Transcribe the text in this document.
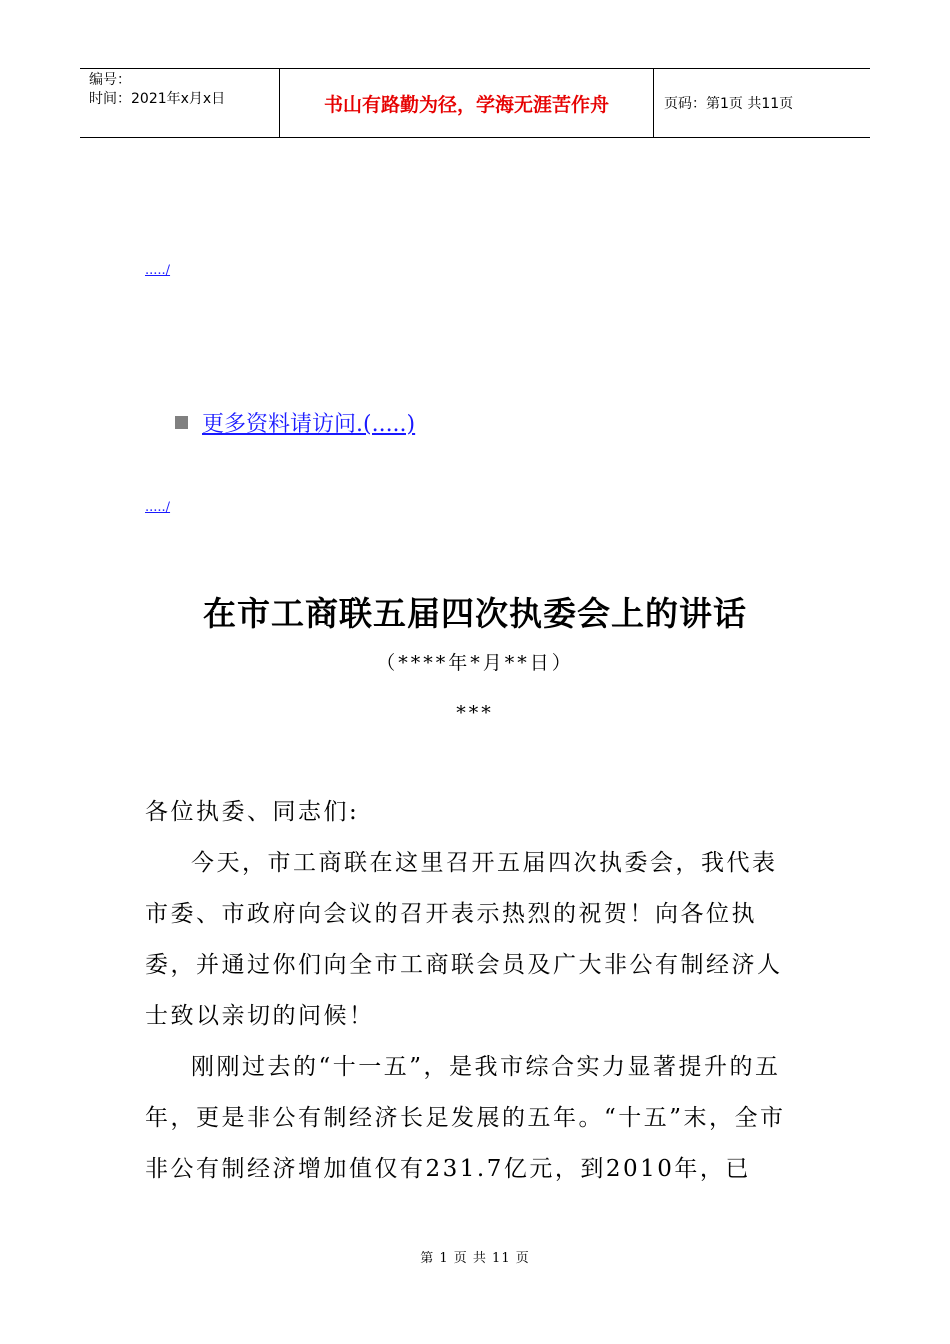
编号：
时间：2021年x月x日	书山有路勤为径，学海无涯苦作舟	页码：第1页 共11页
...../
更多资料请访问.(.....)
...../
在市工商联五届四次执委会上的讲话
（****年*月**日）
***

各位执委、同志们:

今天，市工商联在这里召开五届四次执委会，我代表市委、市政府向会议的召开表示热烈的祝贺！向各位执委，并通过你们向全市工商联会员及广大非公有制经济人士致以亲切的问候！

刚刚过去的“十一五”，是我市综合实力显著提升的五年，更是非公有制经济长足发展的五年。“十五”末，全市非公有制经济增加值仅有231.7亿元，到2010年，已

第 1 页 共 11 页
